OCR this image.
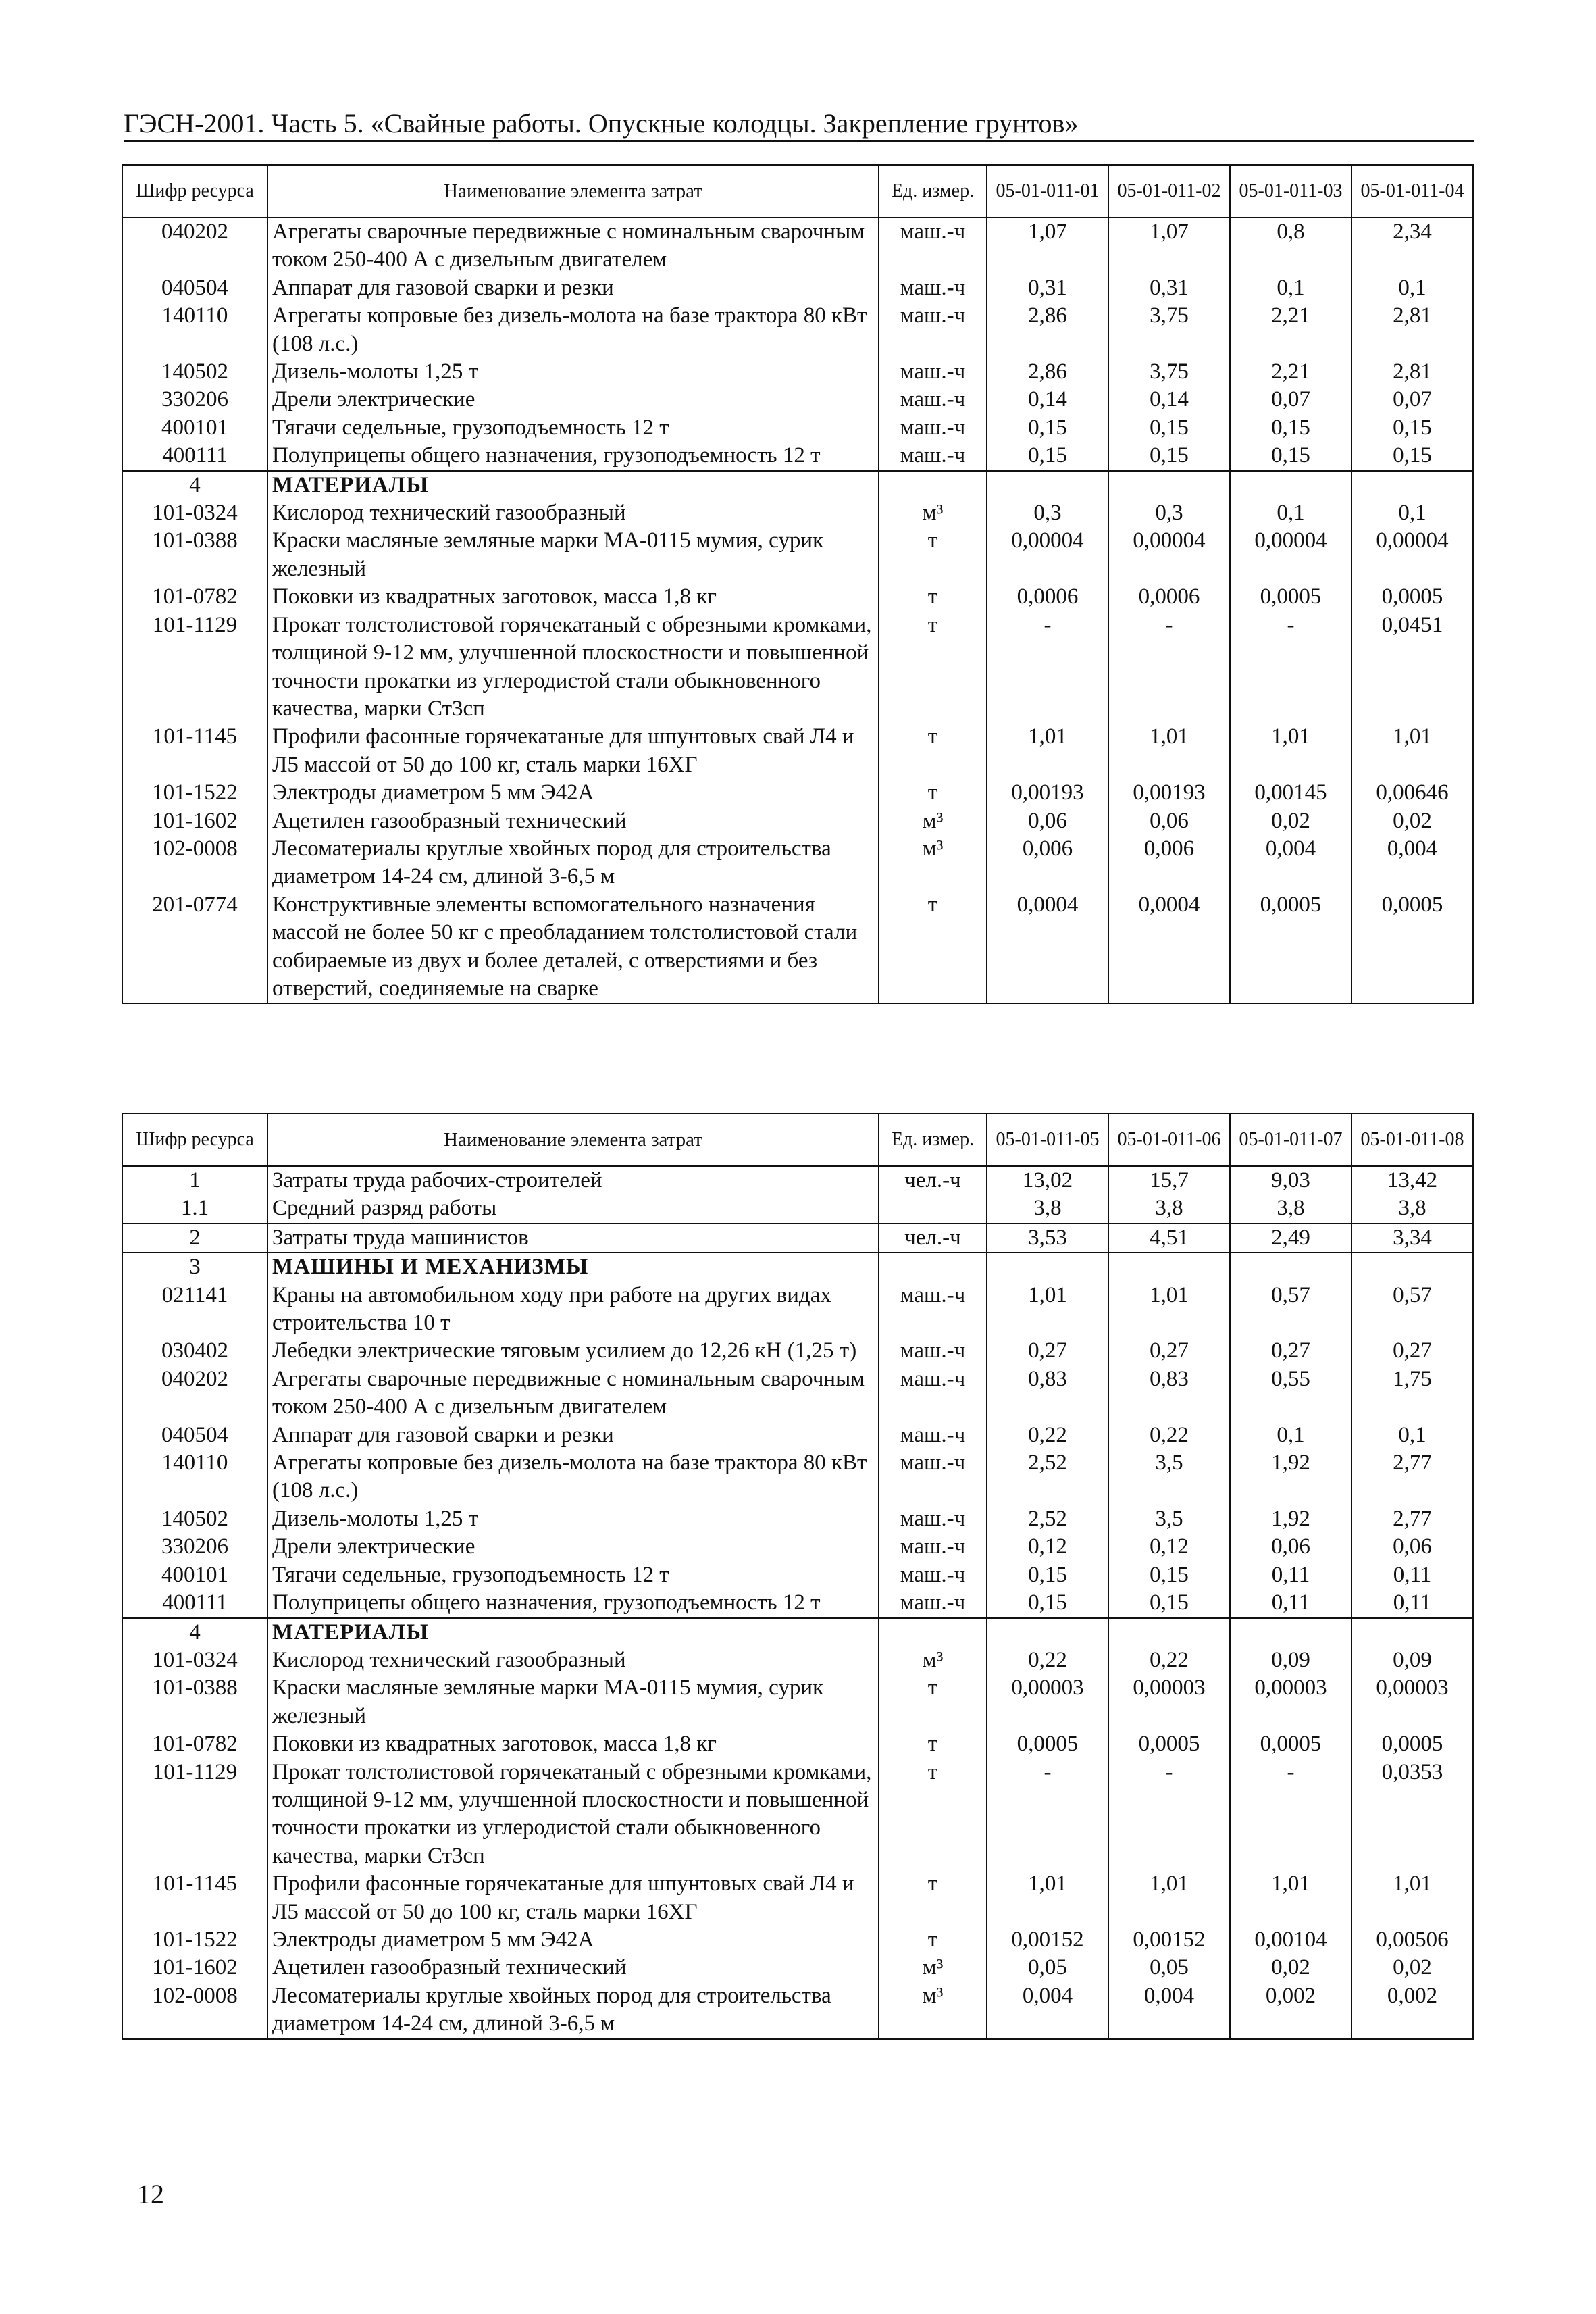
ГЭСН-2001. Часть 5. «Свайные работы. Опускные колодцы. Закрепление грунтов»
Шифр ресурса	Наименование элемента затрат	Ед. измер.	05-01-011-01	05-01-011-02	05-01-011-03	05-01-011-04
040202	Агрегаты сварочные передвижные с номинальным сварочным током 250-400 А с дизельным двигателем	маш.-ч	1,07	1,07	0,8	2,34
040504	Аппарат для газовой сварки и резки	маш.-ч	0,31	0,31	0,1	0,1
140110	Агрегаты копровые без дизель-молота на базе трактора 80 кВт (108 л.с.)	маш.-ч	2,86	3,75	2,21	2,81
140502	Дизель-молоты 1,25 т	маш.-ч	2,86	3,75	2,21	2,81
330206	Дрели электрические	маш.-ч	0,14	0,14	0,07	0,07
400101	Тягачи седельные, грузоподъемность 12 т	маш.-ч	0,15	0,15	0,15	0,15
400111	Полуприцепы общего назначения, грузоподъемность 12 т	маш.-ч	0,15	0,15	0,15	0,15
4	МАТЕРИАЛЫ					
101-0324	Кислород технический газообразный	м³	0,3	0,3	0,1	0,1
101-0388	Краски масляные земляные марки МА-0115 мумия, сурик железный	т	0,00004	0,00004	0,00004	0,00004
101-0782	Поковки из квадратных заготовок, масса 1,8 кг	т	0,0006	0,0006	0,0005	0,0005
101-1129	Прокат толстолистовой горячекатаный с обрезными кромками, толщиной 9-12 мм, улучшенной плоскостности и повышенной точности прокатки из углеродистой стали обыкновенного качества, марки Ст3сп	т	-	-	-	0,0451
101-1145	Профили фасонные горячекатаные для шпунтовых свай Л4 и Л5 массой от 50 до 100 кг, сталь марки 16ХГ	т	1,01	1,01	1,01	1,01
101-1522	Электроды диаметром 5 мм Э42А	т	0,00193	0,00193	0,00145	0,00646
101-1602	Ацетилен газообразный технический	м³	0,06	0,06	0,02	0,02
102-0008	Лесоматериалы круглые хвойных пород для строительства диаметром 14-24 см, длиной 3-6,5 м	м³	0,006	0,006	0,004	0,004
201-0774	Конструктивные элементы вспомогательного назначения массой не более 50 кг с преобладанием толстолистовой стали собираемые из двух и более деталей, с отверстиями и без отверстий, соединяемые на сварке	т	0,0004	0,0004	0,0005	0,0005
Шифр ресурса	Наименование элемента затрат	Ед. измер.	05-01-011-05	05-01-011-06	05-01-011-07	05-01-011-08
1	Затраты труда рабочих-строителей	чел.-ч	13,02	15,7	9,03	13,42
1.1	Средний разряд работы		3,8	3,8	3,8	3,8
2	Затраты труда машинистов	чел.-ч	3,53	4,51	2,49	3,34
3	МАШИНЫ И МЕХАНИЗМЫ					
021141	Краны на автомобильном ходу при работе на других видах строительства 10 т	маш.-ч	1,01	1,01	0,57	0,57
030402	Лебедки электрические тяговым усилием до 12,26 кН (1,25 т)	маш.-ч	0,27	0,27	0,27	0,27
040202	Агрегаты сварочные передвижные с номинальным сварочным током 250-400 А с дизельным двигателем	маш.-ч	0,83	0,83	0,55	1,75
040504	Аппарат для газовой сварки и резки	маш.-ч	0,22	0,22	0,1	0,1
140110	Агрегаты копровые без дизель-молота на базе трактора 80 кВт (108 л.с.)	маш.-ч	2,52	3,5	1,92	2,77
140502	Дизель-молоты 1,25 т	маш.-ч	2,52	3,5	1,92	2,77
330206	Дрели электрические	маш.-ч	0,12	0,12	0,06	0,06
400101	Тягачи седельные, грузоподъемность 12 т	маш.-ч	0,15	0,15	0,11	0,11
400111	Полуприцепы общего назначения, грузоподъемность 12 т	маш.-ч	0,15	0,15	0,11	0,11
4	МАТЕРИАЛЫ					
101-0324	Кислород технический газообразный	м³	0,22	0,22	0,09	0,09
101-0388	Краски масляные земляные марки МА-0115 мумия, сурик железный	т	0,00003	0,00003	0,00003	0,00003
101-0782	Поковки из квадратных заготовок, масса 1,8 кг	т	0,0005	0,0005	0,0005	0,0005
101-1129	Прокат толстолистовой горячекатаный с обрезными кромками, толщиной 9-12 мм, улучшенной плоскостности и повышенной точности прокатки из углеродистой стали обыкновенного качества, марки Ст3сп	т	-	-	-	0,0353
101-1145	Профили фасонные горячекатаные для шпунтовых свай Л4 и Л5 массой от 50 до 100 кг, сталь марки 16ХГ	т	1,01	1,01	1,01	1,01
101-1522	Электроды диаметром 5 мм Э42А	т	0,00152	0,00152	0,00104	0,00506
101-1602	Ацетилен газообразный технический	м³	0,05	0,05	0,02	0,02
102-0008	Лесоматериалы круглые хвойных пород для строительства диаметром 14-24 см, длиной 3-6,5 м	м³	0,004	0,004	0,002	0,002
12
